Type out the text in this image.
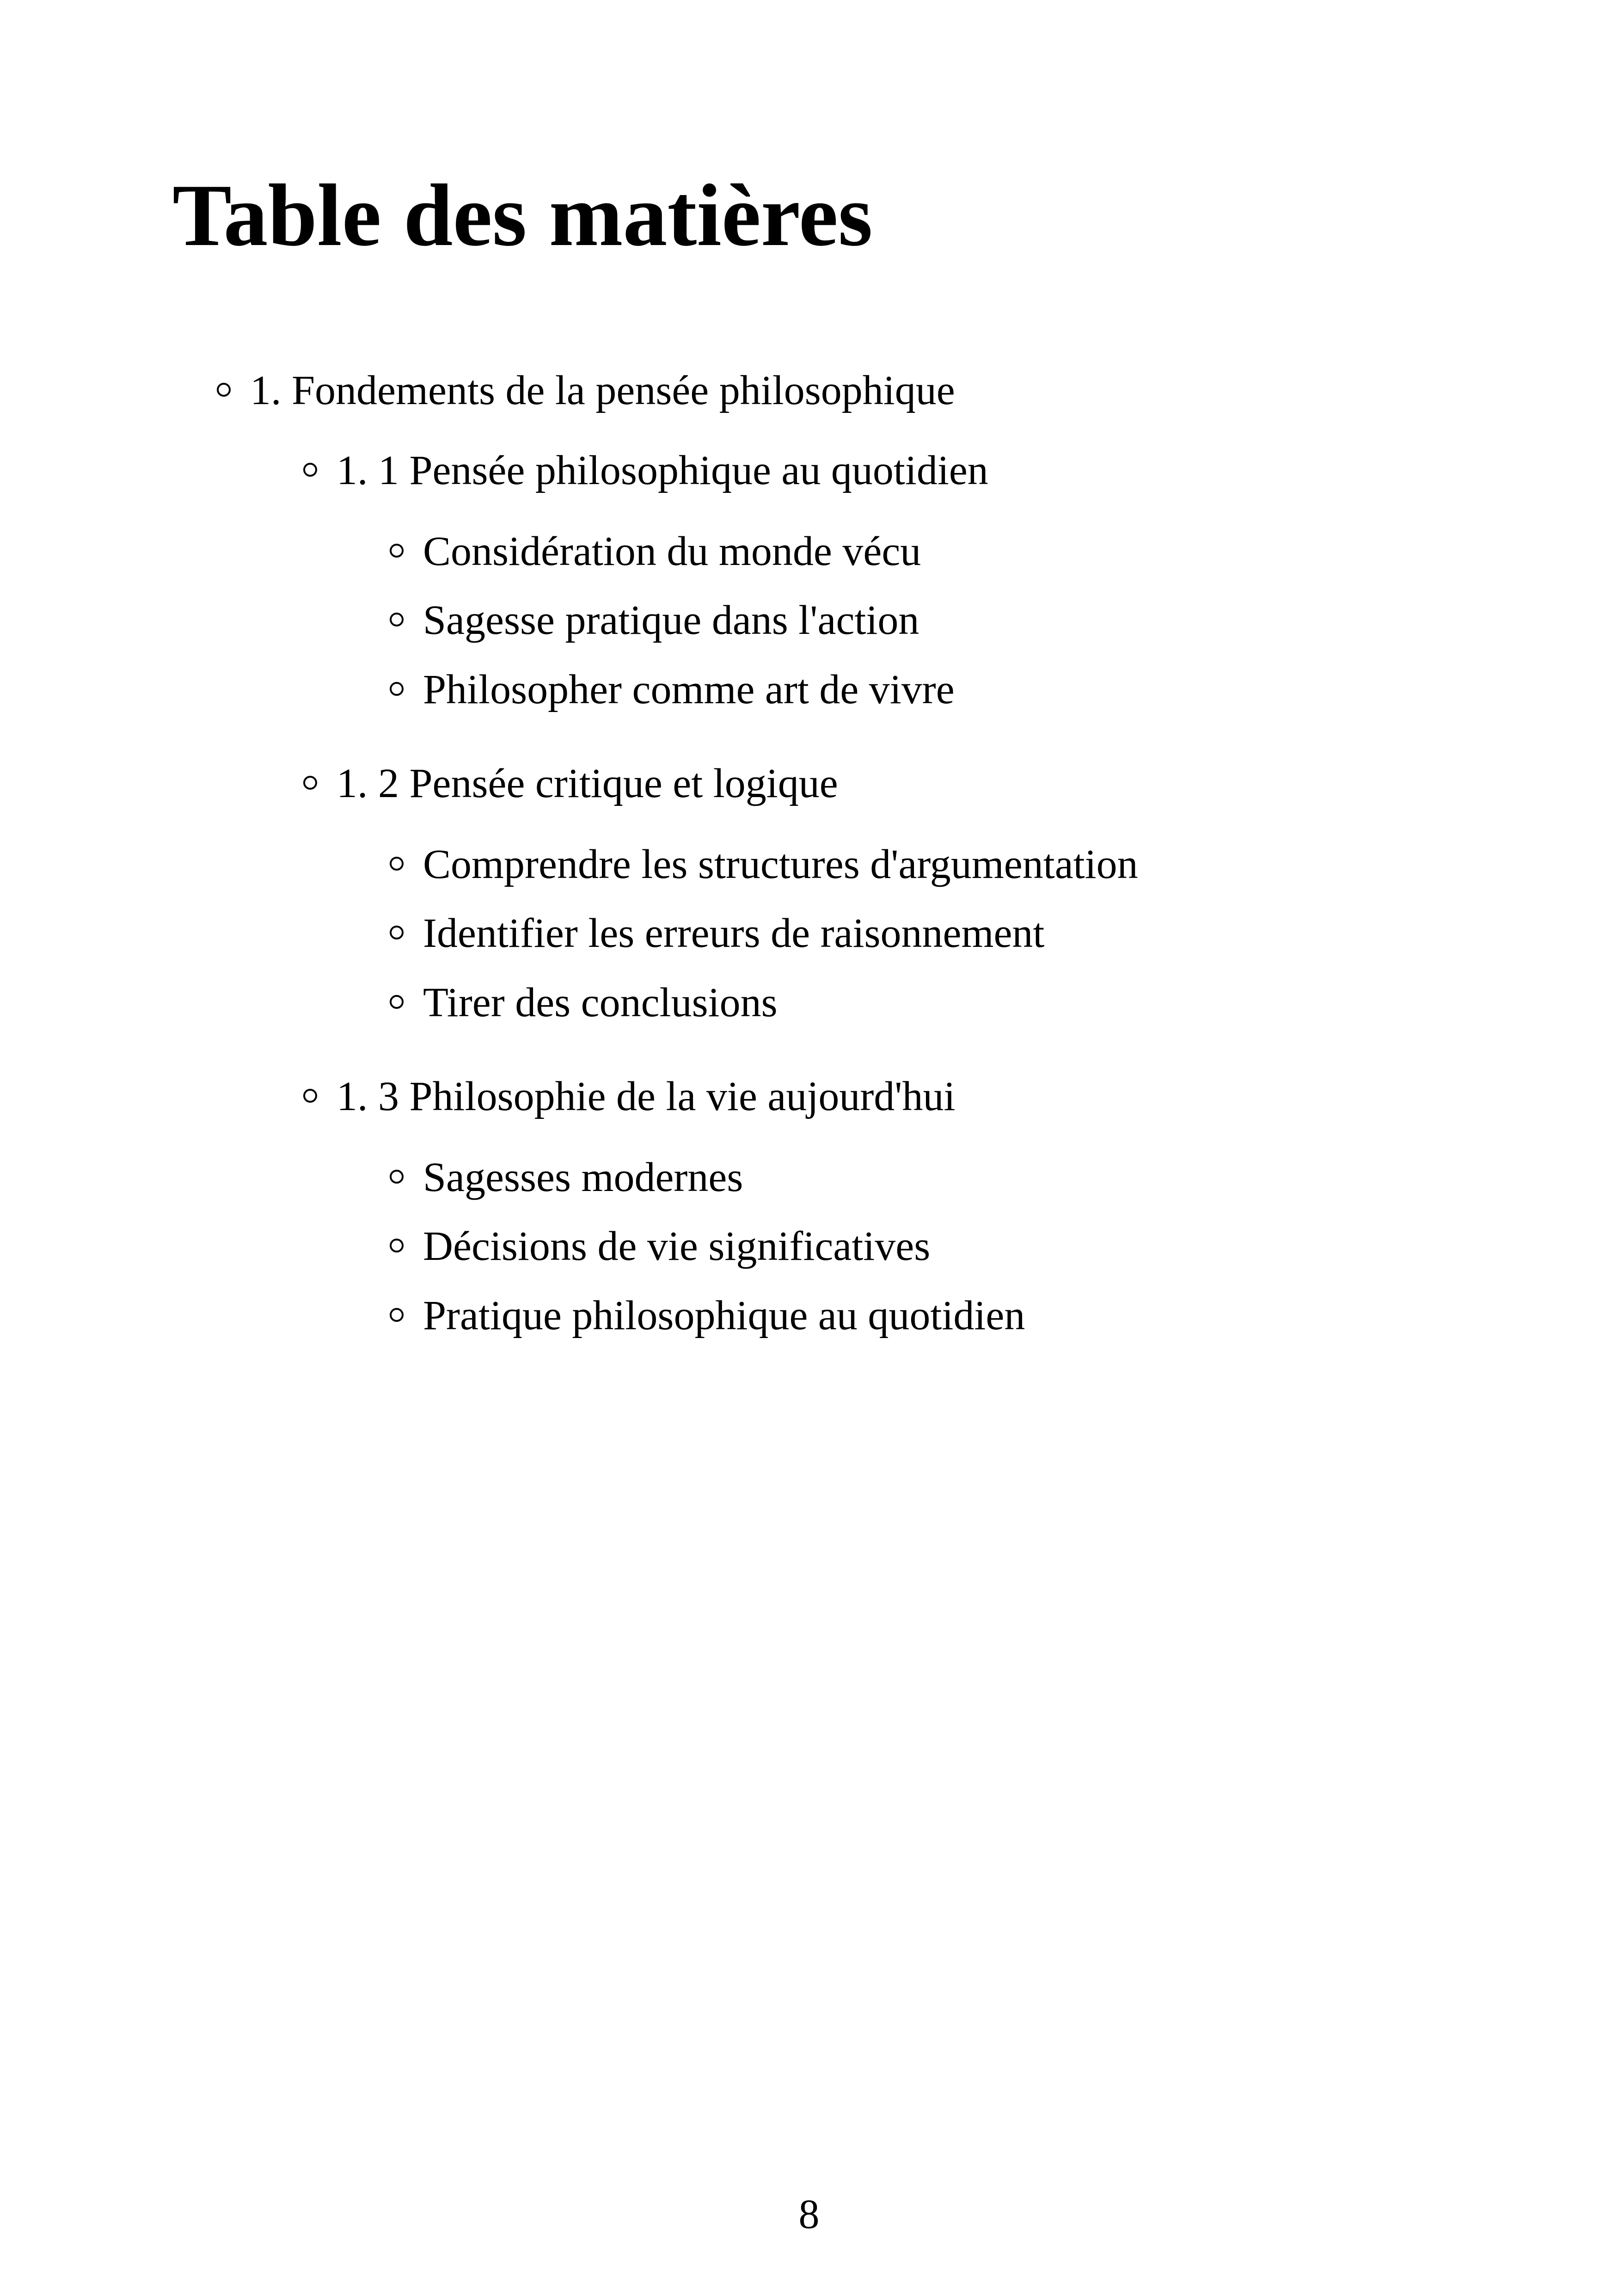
Table des matières
1. Fondements de la pensée philosophique
1. 1 Pensée philosophique au quotidien
Considération du monde vécu
Sagesse pratique dans l'action
Philosopher comme art de vivre
1. 2 Pensée critique et logique
Comprendre les structures d'argumentation
Identifier les erreurs de raisonnement
Tirer des conclusions
1. 3 Philosophie de la vie aujourd'hui
Sagesses modernes
Décisions de vie significatives
Pratique philosophique au quotidien
8
